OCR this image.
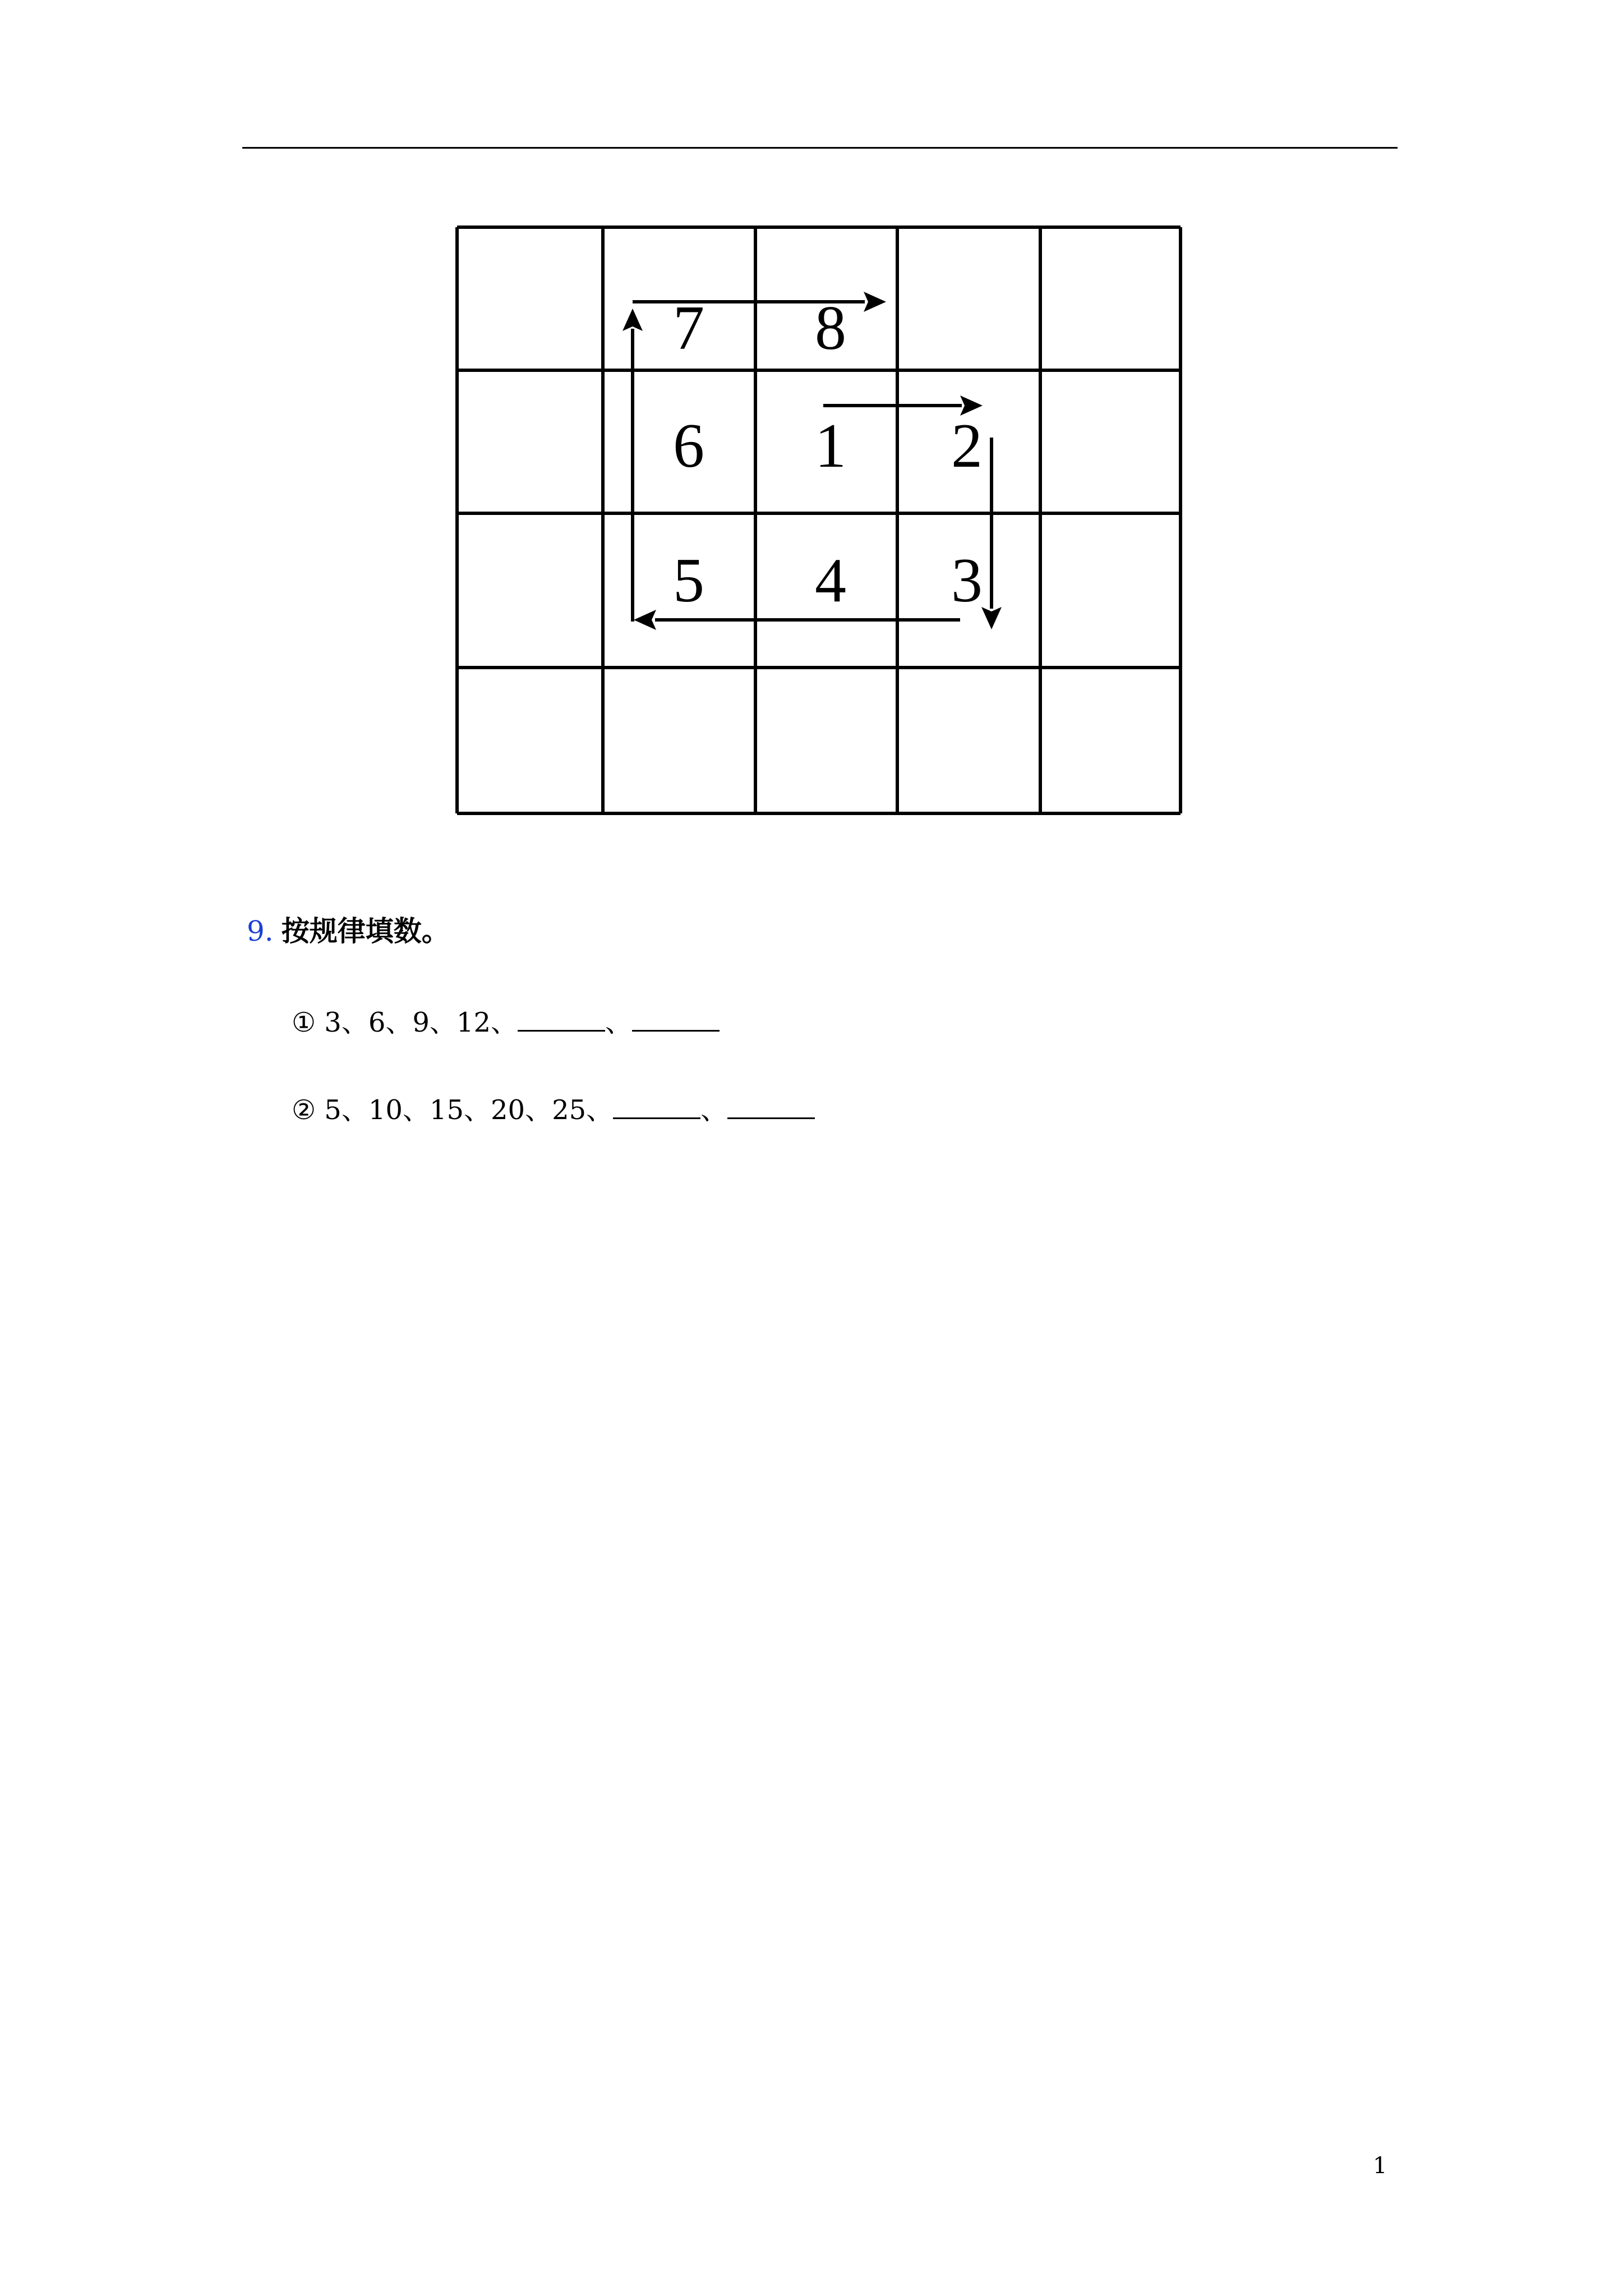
1 2
3
4
5
6
7 8
9. 按规律填数。
① 3、6、9、12、	、
② 5、10、15、20、25、	、
1
